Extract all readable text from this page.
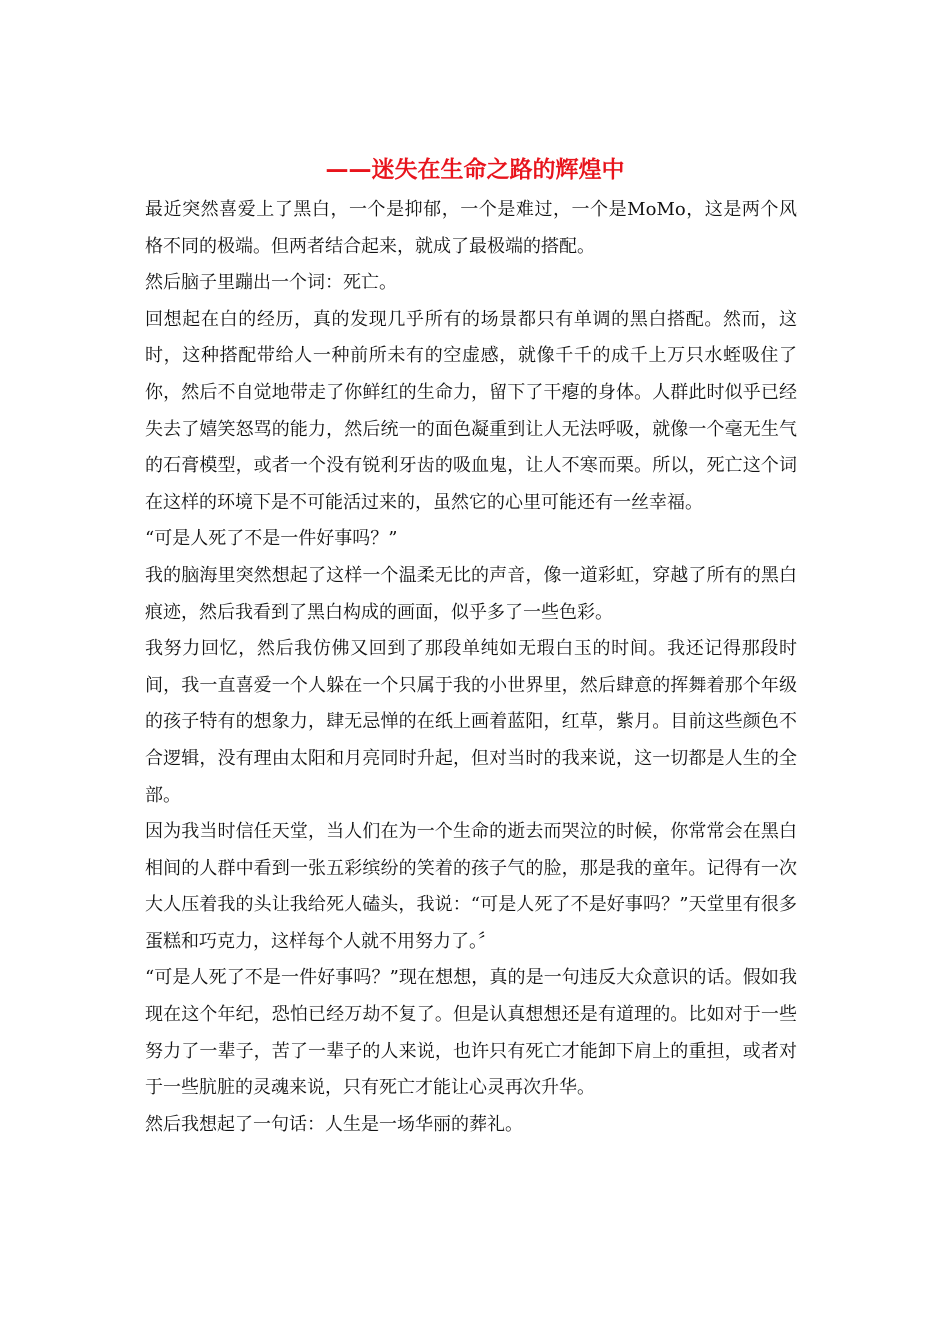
——迷失在生命之路的辉煌中

最近突然喜爱上了黑白，一个是抑郁，一个是难过，一个是MoMo，这是两个风格不同的极端。但两者结合起来，就成了最极端的搭配。

然后脑子里蹦出一个词：死亡。

回想起在白的经历，真的发现几乎所有的场景都只有单调的黑白搭配。然而，这时，这种搭配带给人一种前所未有的空虚感，就像千千的成千上万只水蛭吸住了你，然后不自觉地带走了你鲜红的生命力，留下了干瘪的身体。人群此时似乎已经失去了嬉笑怒骂的能力，然后统一的面色凝重到让人无法呼吸，就像一个毫无生气的石膏模型，或者一个没有锐利牙齿的吸血鬼，让人不寒而栗。所以，死亡这个词在这样的环境下是不可能活过来的，虽然它的心里可能还有一丝幸福。

“可是人死了不是一件好事吗？”

我的脑海里突然想起了这样一个温柔无比的声音，像一道彩虹，穿越了所有的黑白痕迹，然后我看到了黑白构成的画面，似乎多了一些色彩。

我努力回忆，然后我仿佛又回到了那段单纯如无瑕白玉的时间。我还记得那段时间，我一直喜爱一个人躲在一个只属于我的小世界里，然后肆意的挥舞着那个年级的孩子特有的想象力，肆无忌惮的在纸上画着蓝阳，红草，紫月。目前这些颜色不合逻辑，没有理由太阳和月亮同时升起，但对当时的我来说，这一切都是人生的全部。

因为我当时信任天堂，当人们在为一个生命的逝去而哭泣的时候，你常常会在黑白相间的人群中看到一张五彩缤纷的笑着的孩子气的脸，那是我的童年。记得有一次大人压着我的头让我给死人磕头，我说：“可是人死了不是好事吗？”天堂里有很多蛋糕和巧克力，这样每个人就不用努力了。〞

“可是人死了不是一件好事吗？”现在想想，真的是一句违反大众意识的话。假如我现在这个年纪，恐怕已经万劫不复了。但是认真想想还是有道理的。比如对于一些努力了一辈子，苦了一辈子的人来说，也许只有死亡才能卸下肩上的重担，或者对于一些肮脏的灵魂来说，只有死亡才能让心灵再次升华。

然后我想起了一句话：人生是一场华丽的葬礼。
